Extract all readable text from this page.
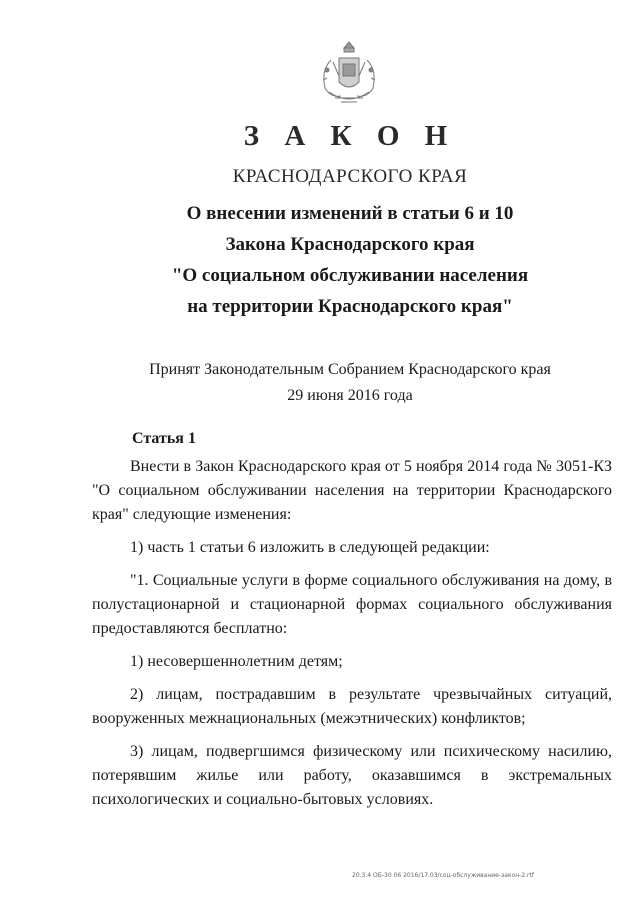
З А К О Н
КРАСНОДАРСКОГО КРАЯ
О внесении изменений в статьи 6 и 10
Закона Краснодарского края
"О социальном обслуживании населения
на территории Краснодарского края"
Принят Законодательным Собранием Краснодарского края
29 июня 2016 года
Статья 1

Внести в Закон Краснодарского края от 5 ноября 2014 года № 3051-КЗ "О социальном обслуживании населения на территории Краснодарского края" следующие изменения:

1) часть 1 статьи 6 изложить в следующей редакции:

"1. Социальные услуги в форме социального обслуживания на дому, в полустационарной и стационарной формах социального обслуживания предоставляются бесплатно:

1) несовершеннолетним детям;

2) лицам, пострадавшим в результате чрезвычайных ситуаций, вооруженных межнациональных (межэтнических) конфликтов;

3) лицам, подвергшимся физическому или психическому насилию, потерявшим жилье или работу, оказавшимся в экстремальных психологических и социально-бытовых условиях.

20.3.4 ОБ-30 06 2016/17.03/соц-обслуживание-закон-2.rtf
